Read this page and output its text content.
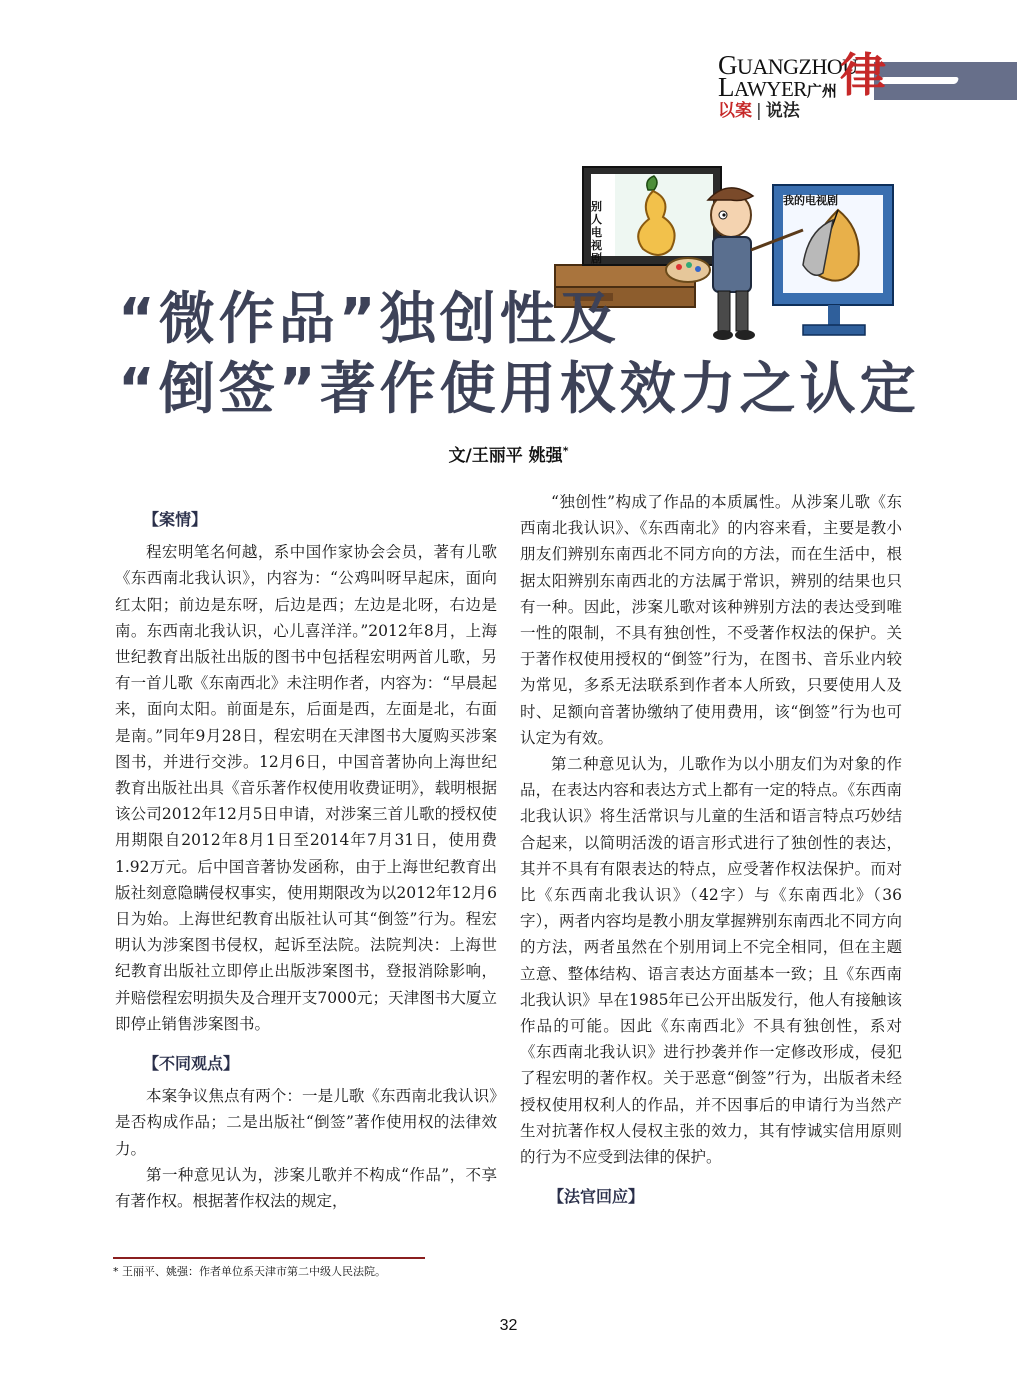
GUANGZHOU
LAWYER广州 律
以案 | 说法
别人电视剧
我的电视剧
“微作品”独创性及
“倒签”著作使用权效力之认定
文/王丽平 姚强*
【案情】

程宏明笔名何越，系中国作家协会会员，著有儿歌《东西南北我认识》，内容为：“公鸡叫呀早起床，面向红太阳；前边是东呀，后边是西；左边是北呀，右边是南。东西南北我认识，心儿喜洋洋。”2012年8月，上海世纪教育出版社出版的图书中包括程宏明两首儿歌，另有一首儿歌《东南西北》未注明作者，内容为：“早晨起来，面向太阳。前面是东，后面是西，左面是北，右面是南。”同年9月28日，程宏明在天津图书大厦购买涉案图书，并进行交涉。12月6日，中国音著协向上海世纪教育出版社出具《音乐著作权使用收费证明》，载明根据该公司2012年12月5日申请，对涉案三首儿歌的授权使用期限自2012年8月1日至2014年7月31日，使用费1.92万元。后中国音著协发函称，由于上海世纪教育出版社刻意隐瞒侵权事实，使用期限改为以2012年12月6日为始。上海世纪教育出版社认可其“倒签”行为。程宏明认为涉案图书侵权，起诉至法院。法院判决：上海世纪教育出版社立即停止出版涉案图书，登报消除影响，并赔偿程宏明损失及合理开支7000元；天津图书大厦立即停止销售涉案图书。

【不同观点】

本案争议焦点有两个：一是儿歌《东西南北我认识》是否构成作品；二是出版社“倒签”著作使用权的法律效力。

第一种意见认为，涉案儿歌并不构成“作品”，不享有著作权。根据著作权法的规定，

“独创性”构成了作品的本质属性。从涉案儿歌《东西南北我认识》、《东西南北》的内容来看，主要是教小朋友们辨别东南西北不同方向的方法，而在生活中，根据太阳辨别东南西北的方法属于常识，辨别的结果也只有一种。因此，涉案儿歌对该种辨别方法的表达受到唯一性的限制，不具有独创性，不受著作权法的保护。关于著作权使用授权的“倒签”行为，在图书、音乐业内较为常见，多系无法联系到作者本人所致，只要使用人及时、足额向音著协缴纳了使用费用，该“倒签”行为也可认定为有效。

第二种意见认为，儿歌作为以小朋友们为对象的作品，在表达内容和表达方式上都有一定的特点。《东西南北我认识》将生活常识与儿童的生活和语言特点巧妙结合起来，以简明活泼的语言形式进行了独创性的表达，其并不具有有限表达的特点，应受著作权法保护。而对比《东西南北我认识》（42字）与《东南西北》（36字），两者内容均是教小朋友掌握辨别东南西北不同方向的方法，两者虽然在个别用词上不完全相同，但在主题立意、整体结构、语言表达方面基本一致；且《东西南北我认识》早在1985年已公开出版发行，他人有接触该作品的可能。因此《东南西北》不具有独创性，系对《东西南北我认识》进行抄袭并作一定修改形成，侵犯了程宏明的著作权。关于恶意“倒签”行为，出版者未经授权使用权利人的作品，并不因事后的申请行为当然产生对抗著作权人侵权主张的效力，其有悖诚实信用原则的行为不应受到法律的保护。

【法官回应】
* 王丽平、姚强：作者单位系天津市第二中级人民法院。
32
